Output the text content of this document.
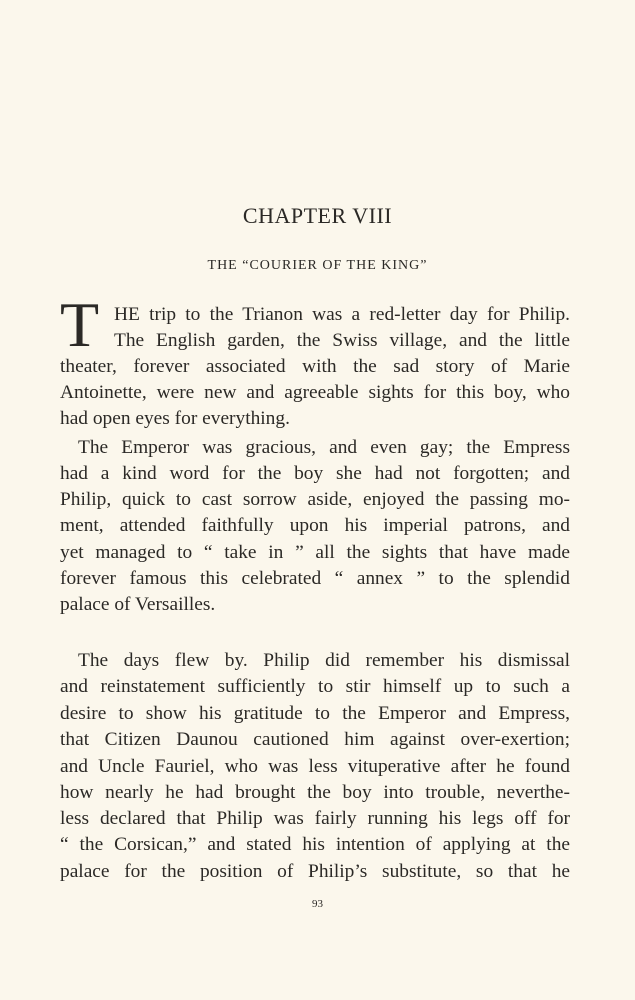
CHAPTER VIII
THE “COURIER OF THE KING”
T HE trip to the Trianon was a red-letter day for Philip.
The English garden, the Swiss village, and the little
theater, forever associated with the sad story of Marie
Antoinette, were new and agreeable sights for this boy, who
had open eyes for everything.
The Emperor was gracious, and even gay; the Empress
had a kind word for the boy she had not forgotten; and
Philip, quick to cast sorrow aside, enjoyed the passing mo-
ment, attended faithfully upon his imperial patrons, and
yet managed to “ take in ” all the sights that have made
forever famous this celebrated “ annex ” to the splendid
palace of Versailles.
The days flew by. Philip did remember his dismissal
and reinstatement sufficiently to stir himself up to such a
desire to show his gratitude to the Emperor and Empress,
that Citizen Daunou cautioned him against over-exertion;
and Uncle Fauriel, who was less vituperative after he found
how nearly he had brought the boy into trouble, neverthe-
less declared that Philip was fairly running his legs off for
“ the Corsican,” and stated his intention of applying at the
palace for the position of Philip’s substitute, so that he
93
